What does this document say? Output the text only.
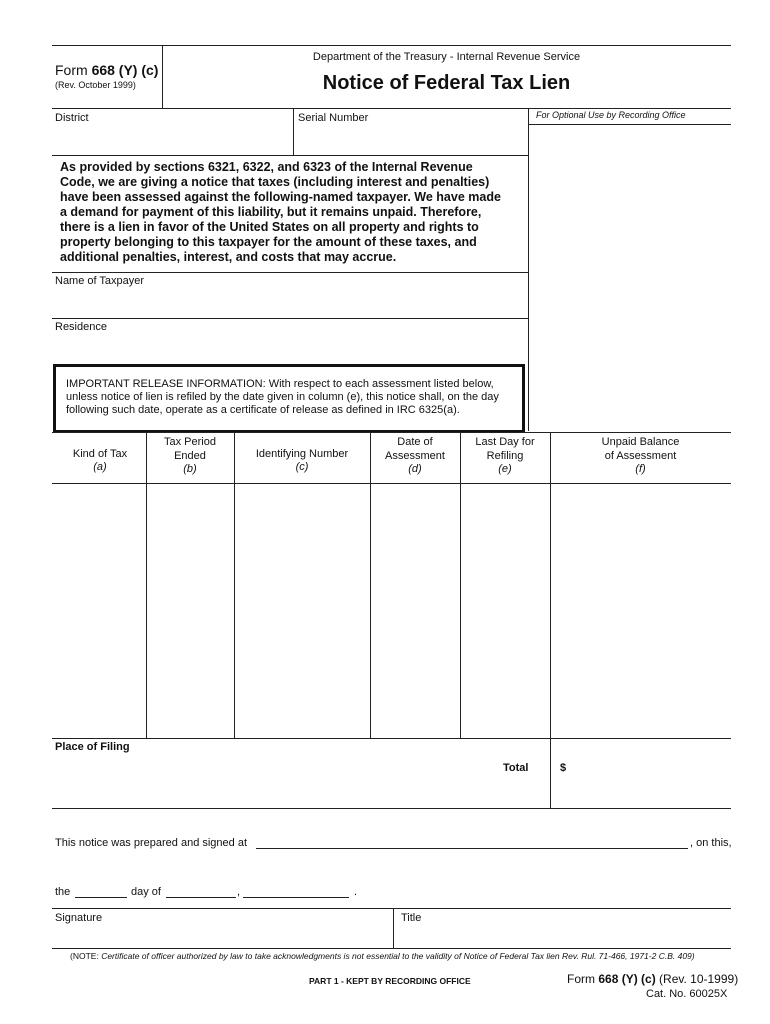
Form 668 (Y) (c)
(Rev. October 1999)
Department of the Treasury - Internal Revenue Service
Notice of Federal Tax Lien
District	Serial Number	For Optional Use by Recording Office
As provided by sections 6321, 6322, and 6323 of the Internal Revenue
Code, we are giving a notice that taxes (including interest and penalties)
have been assessed against the following-named taxpayer. We have made
a demand for payment of this liability, but it remains unpaid. Therefore,
there is a lien in favor of the United States on all property and rights to
property belonging to this taxpayer for the amount of these taxes, and
additional penalties, interest, and costs that may accrue.
Name of Taxpayer
Residence
IMPORTANT RELEASE INFORMATION: With respect to each assessment listed below,
unless notice of lien is refiled by the date given in column (e), this notice shall, on the day
following such date, operate as a certificate of release as defined in IRC 6325(a).
Kind of Tax
(a)
Tax Period
Ended
(b)
Identifying Number
(c)
Date of
Assessment
(d)
Last Day for
Refiling
(e)
Unpaid Balance
of Assessment
(f)
Place of Filing
Total	$
This notice was prepared and signed at	, on this,
the	day of	,	.
Signature	Title
(NOTE: Certificate of officer authorized by law to take acknowledgments is not essential to the validity of Notice of Federal Tax lien Rev. Rul. 71-466, 1971-2 C.B. 409)
PART 1 - KEPT BY RECORDING OFFICE	Form 668 (Y) (c) (Rev. 10-1999)
Cat. No. 60025X
